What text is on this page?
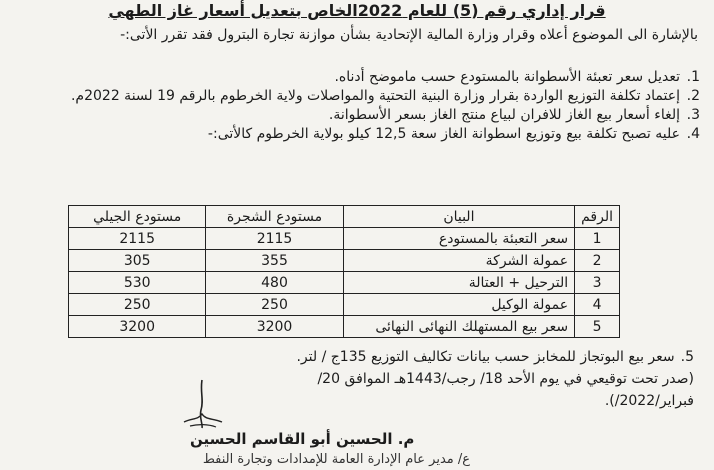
قرار إداري رقم (5) للعام 2022الخاص بتعديل أسعار غاز الطهي
بالإشارة الى الموضوع أعلاه وقرار وزارة المالية الإتحادية بشأن موازنة تجارة البترول فقد تقرر الأتى:-
1.
تعديل سعر تعبئة الأسطوانة بالمستودع حسب ماموضح أدناه.
2.
إعتماد تكلفة التوزيع الواردة بقرار وزارة البنية التحتية والمواصلات ولاية الخرطوم بالرقم 19 لسنة 2022م.
3.
إلغاء أسعار بيع الغاز للافران لبياع منتج الغاز بسعر الأسطوانة.
4.
عليه تصبح تكلفة بيع وتوزيع اسطوانة الغاز سعة 12,5 كيلو بولاية الخرطوم كالأتى:-
الرقم	البيان	مستودع الشجرة	مستودع الجيلي
1	سعر التعبئة بالمستودع	2115	2115
2	عمولة الشركة	355	305
3	الترحيل + العتالة	480	530
4	عمولة الوكيل	250	250
5	سعر بيع المستهلك النهائى النهائى	3200	3200
5.
سعر بيع البوتجاز للمخابز حسب بيانات تكاليف التوزيع 135ج / لتر.
(صدر تحت توقيعي في يوم الأحد 18/ رجب/1443هـ الموافق 20/
فبراير/2022/).
م. الحسين أبو القاسم الحسين
ع/ مدير عام الإدارة العامة للإمدادات وتجارة النفط
